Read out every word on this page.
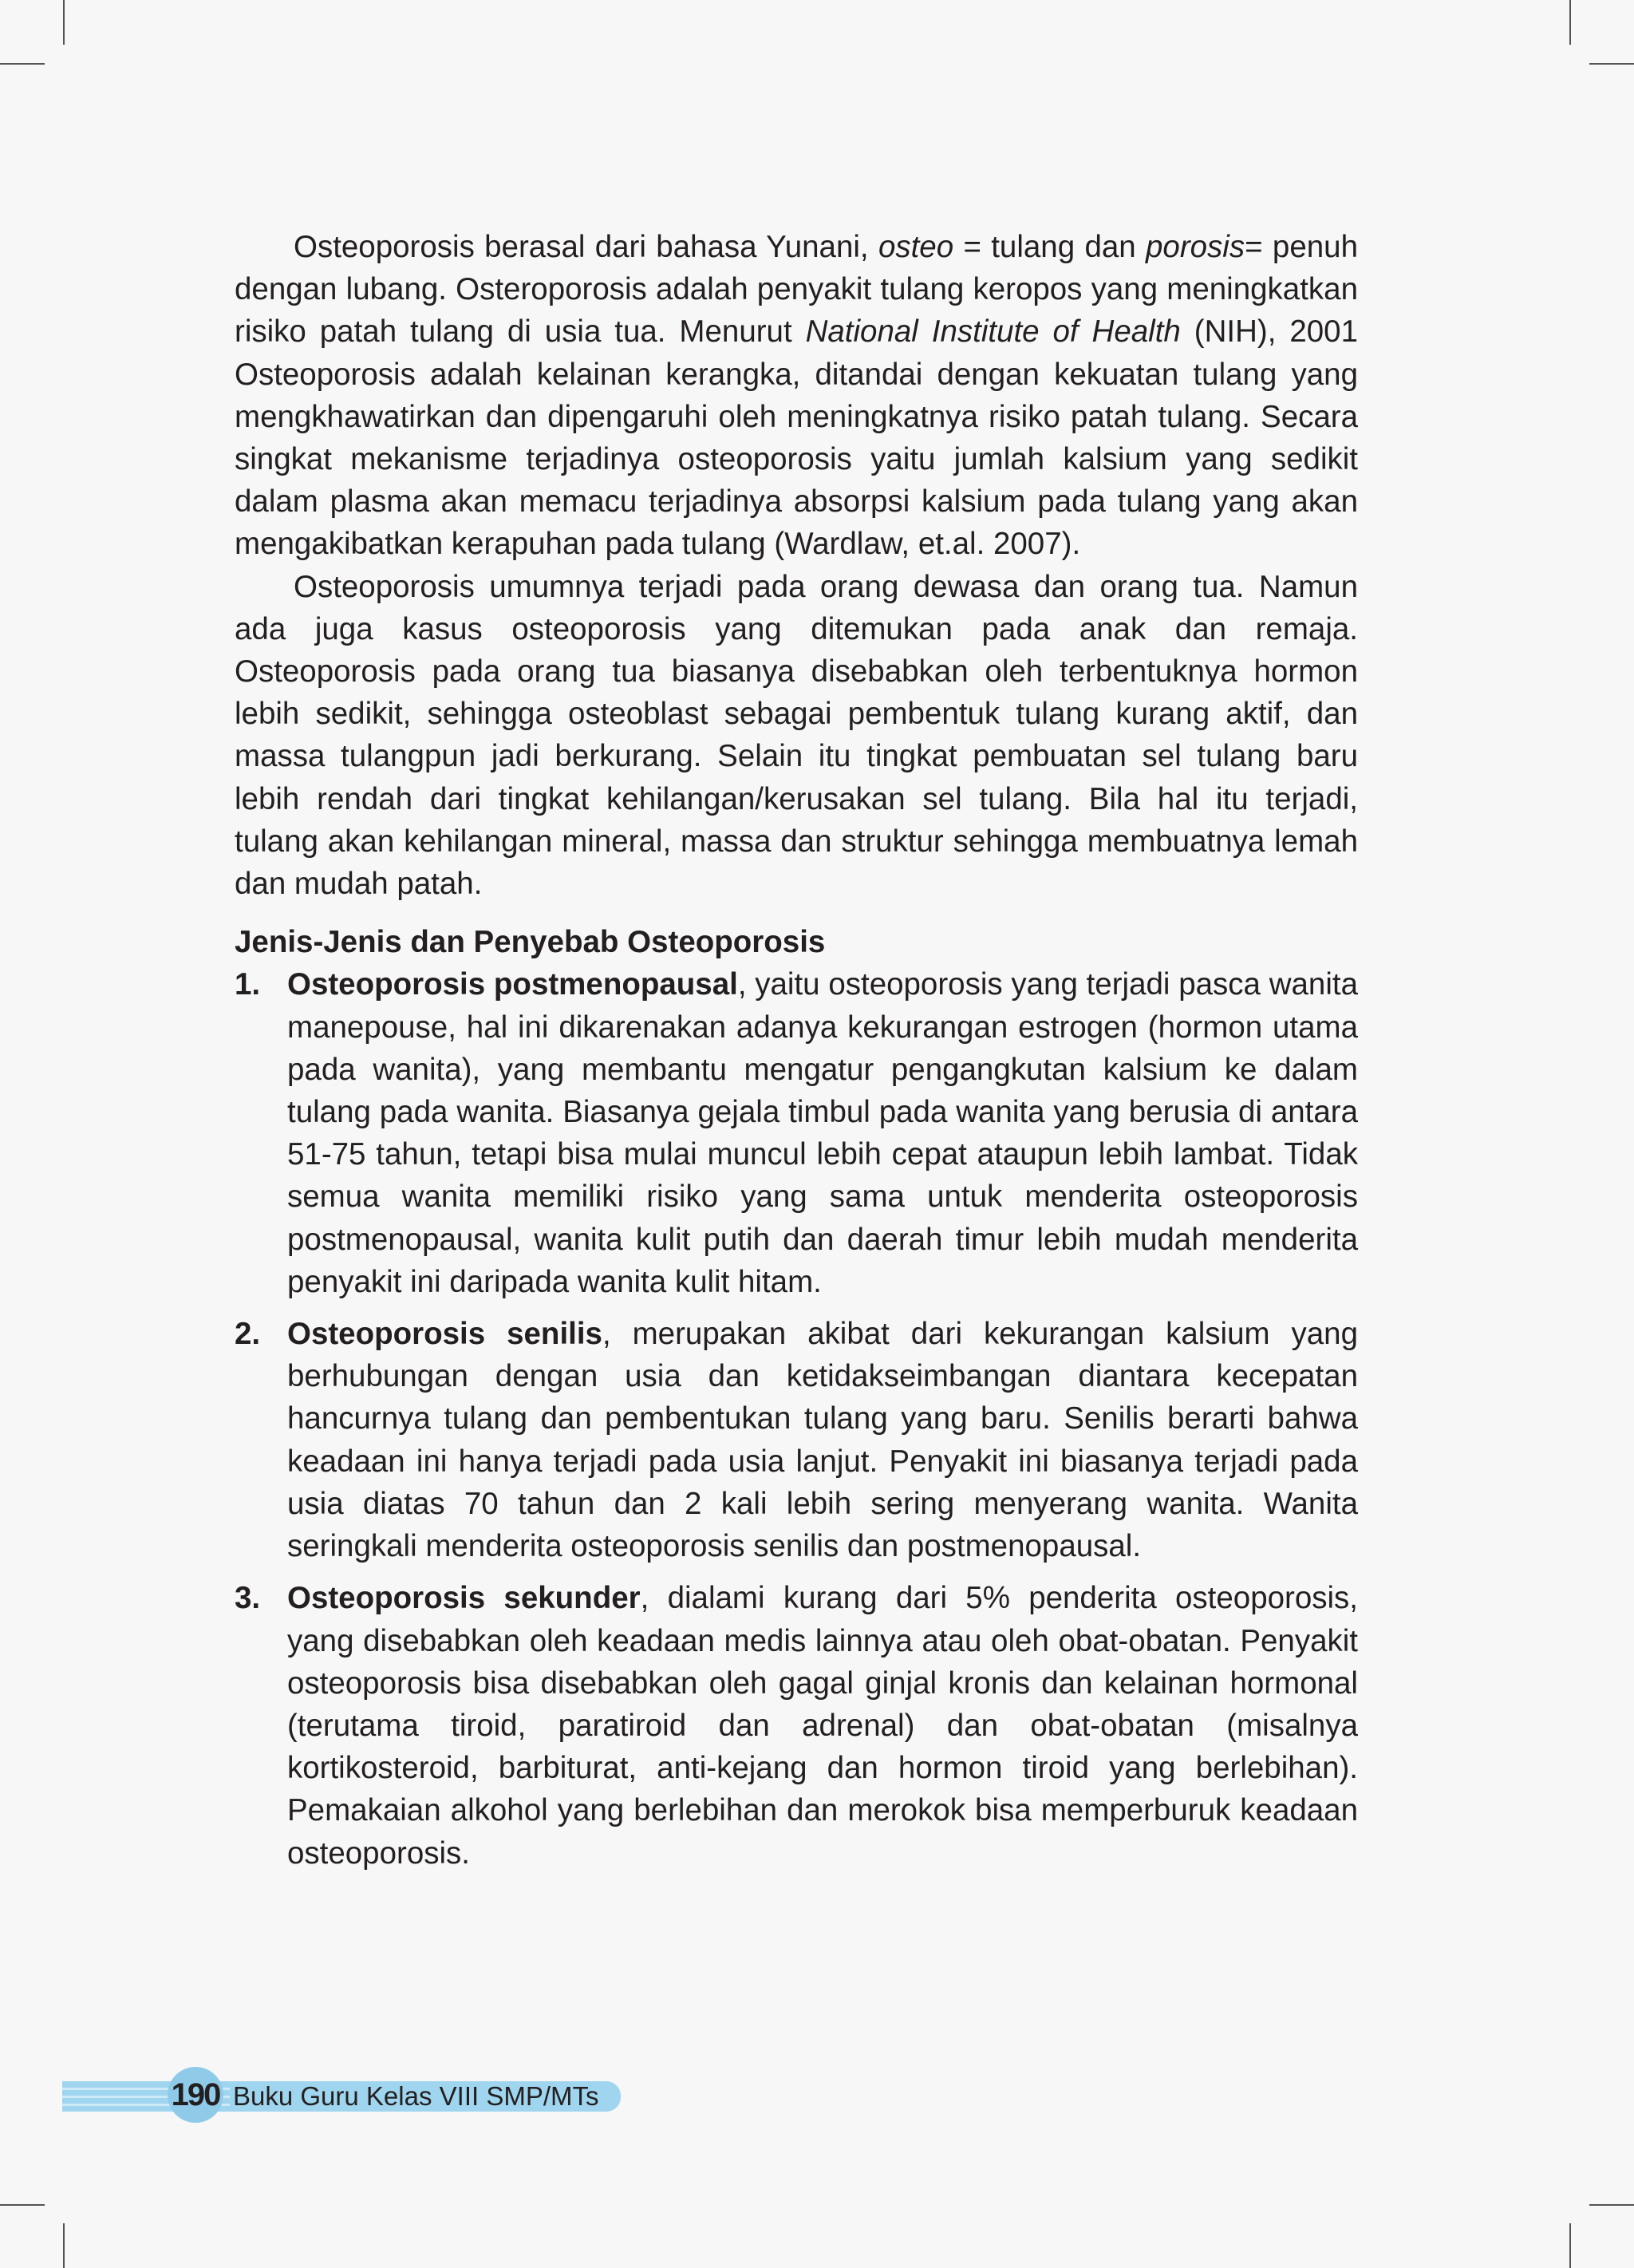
Osteoporosis berasal dari bahasa Yunani, osteo = tulang dan porosis= penuh dengan lubang. Osteroporosis adalah penyakit tulang keropos yang meningkatkan risiko patah tulang di usia tua. Menurut National Institute of Health (NIH), 2001 Osteoporosis adalah kelainan kerangka, ditandai dengan kekuatan tulang yang mengkhawatirkan dan dipengaruhi oleh meningkatnya risiko patah tulang. Secara singkat mekanisme terjadinya osteoporosis yaitu jumlah kalsium yang sedikit dalam plasma akan memacu terjadinya absorpsi kalsium pada tulang yang akan mengakibatkan kerapuhan pada tulang (Wardlaw, et.al. 2007).

Osteoporosis umumnya terjadi pada orang dewasa dan orang tua. Namun ada juga kasus osteoporosis yang ditemukan pada anak dan remaja. Osteoporosis pada orang tua biasanya disebabkan oleh terbentuknya hormon lebih sedikit, sehingga osteoblast sebagai pembentuk tulang kurang aktif, dan massa tulangpun jadi berkurang. Selain itu tingkat pembuatan sel tulang baru lebih rendah dari tingkat kehilangan/kerusakan sel tulang. Bila hal itu terjadi, tulang akan kehilangan mineral, massa dan struktur sehingga membuatnya lemah dan mudah patah.

Jenis-Jenis dan Penyebab Osteoporosis
1. Osteoporosis postmenopausal, yaitu osteoporosis yang terjadi pasca wanita manepouse, hal ini dikarenakan adanya kekurangan estrogen (hormon utama pada wanita), yang membantu mengatur pengangkutan kalsium ke dalam tulang pada wanita. Biasanya gejala timbul pada wanita yang berusia di antara 51-75 tahun, tetapi bisa mulai muncul lebih cepat ataupun lebih lambat. Tidak semua wanita memiliki risiko yang sama untuk menderita osteoporosis postmenopausal, wanita kulit putih dan daerah timur lebih mudah menderita penyakit ini daripada wanita kulit hitam.
2. Osteoporosis senilis, merupakan akibat dari kekurangan kalsium yang berhubungan dengan usia dan ketidakseimbangan diantara kecepatan hancurnya tulang dan pembentukan tulang yang baru. Senilis berarti bahwa keadaan ini hanya terjadi pada usia lanjut. Penyakit ini biasanya terjadi pada usia diatas 70 tahun dan 2 kali lebih sering menyerang wanita. Wanita seringkali menderita osteoporosis senilis dan postmenopausal.
3. Osteoporosis sekunder, dialami kurang dari 5% penderita osteoporosis, yang disebabkan oleh keadaan medis lainnya atau oleh obat-obatan. Penyakit osteoporosis bisa disebabkan oleh gagal ginjal kronis dan kelainan hormonal (terutama tiroid, paratiroid dan adrenal) dan obat-obatan (misalnya kortikosteroid, barbiturat, anti-kejang dan hormon tiroid yang berlebihan). Pemakaian alkohol yang berlebihan dan merokok bisa memperburuk keadaan osteoporosis.
190 Buku Guru Kelas VIII SMP/MTs
